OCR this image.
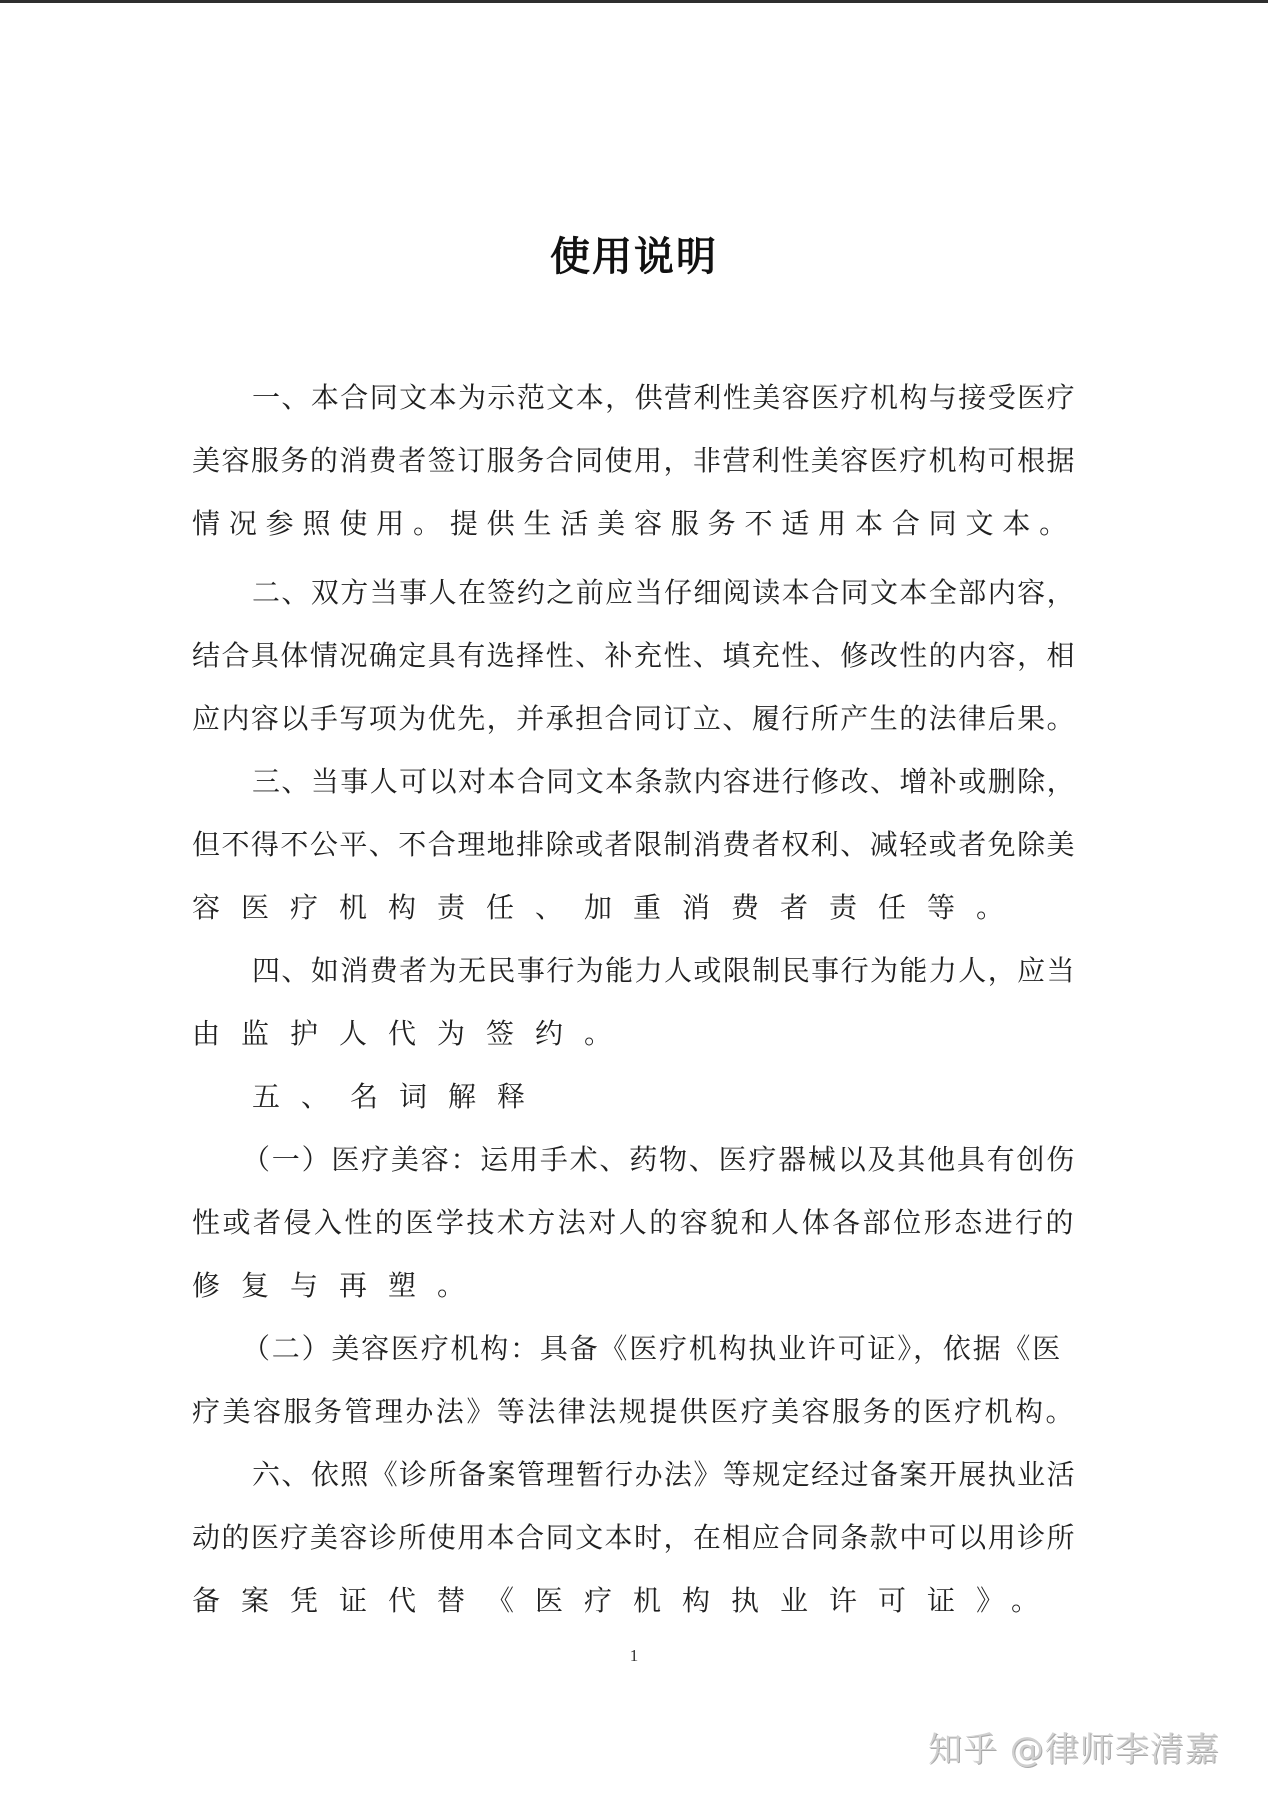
使用说明
一、本合同文本为示范文本，供营利性美容医疗机构与接受医疗
美容服务的消费者签订服务合同使用，非营利性美容医疗机构可根据
情况参照使用。提供生活美容服务不适用本合同文本。
二、双方当事人在签约之前应当仔细阅读本合同文本全部内容，
结合具体情况确定具有选择性、补充性、填充性、修改性的内容，相
应内容以手写项为优先，并承担合同订立、履行所产生的法律后果。
三、当事人可以对本合同文本条款内容进行修改、增补或删除，
但不得不公平、不合理地排除或者限制消费者权利、减轻或者免除美
容医疗机构责任、加重消费者责任等。
四、如消费者为无民事行为能力人或限制民事行为能力人，应当
由监护人代为签约。
五、名词解释
（一）医疗美容：运用手术、药物、医疗器械以及其他具有创伤
性或者侵入性的医学技术方法对人的容貌和人体各部位形态进行的
修复与再塑。
（二）美容医疗机构：具备《医疗机构执业许可证》，依据《医
疗美容服务管理办法》等法律法规提供医疗美容服务的医疗机构。
六、依照《诊所备案管理暂行办法》等规定经过备案开展执业活
动的医疗美容诊所使用本合同文本时，在相应合同条款中可以用诊所
备案凭证代替《医疗机构执业许可证》。
1
知乎 @律师李清嘉
